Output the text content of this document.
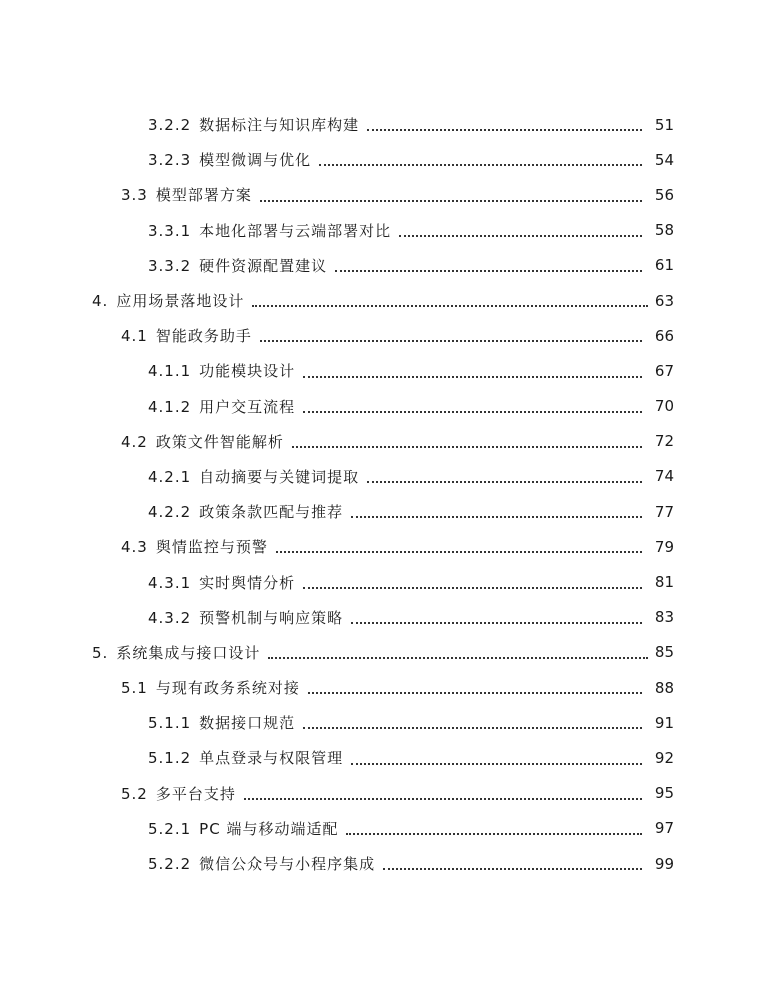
3.2.2 数据标注与知识库构建	51
3.2.3 模型微调与优化	54
3.3 模型部署方案	56
3.3.1 本地化部署与云端部署对比	58
3.3.2 硬件资源配置建议	61
4. 应用场景落地设计	63
4.1 智能政务助手	66
4.1.1 功能模块设计	67
4.1.2 用户交互流程	70
4.2 政策文件智能解析	72
4.2.1 自动摘要与关键词提取	74
4.2.2 政策条款匹配与推荐	77
4.3 舆情监控与预警	79
4.3.1 实时舆情分析	81
4.3.2 预警机制与响应策略	83
5. 系统集成与接口设计	85
5.1 与现有政务系统对接	88
5.1.1 数据接口规范	91
5.1.2 单点登录与权限管理	92
5.2 多平台支持	95
5.2.1 PC 端与移动端适配	97
5.2.2 微信公众号与小程序集成	99
